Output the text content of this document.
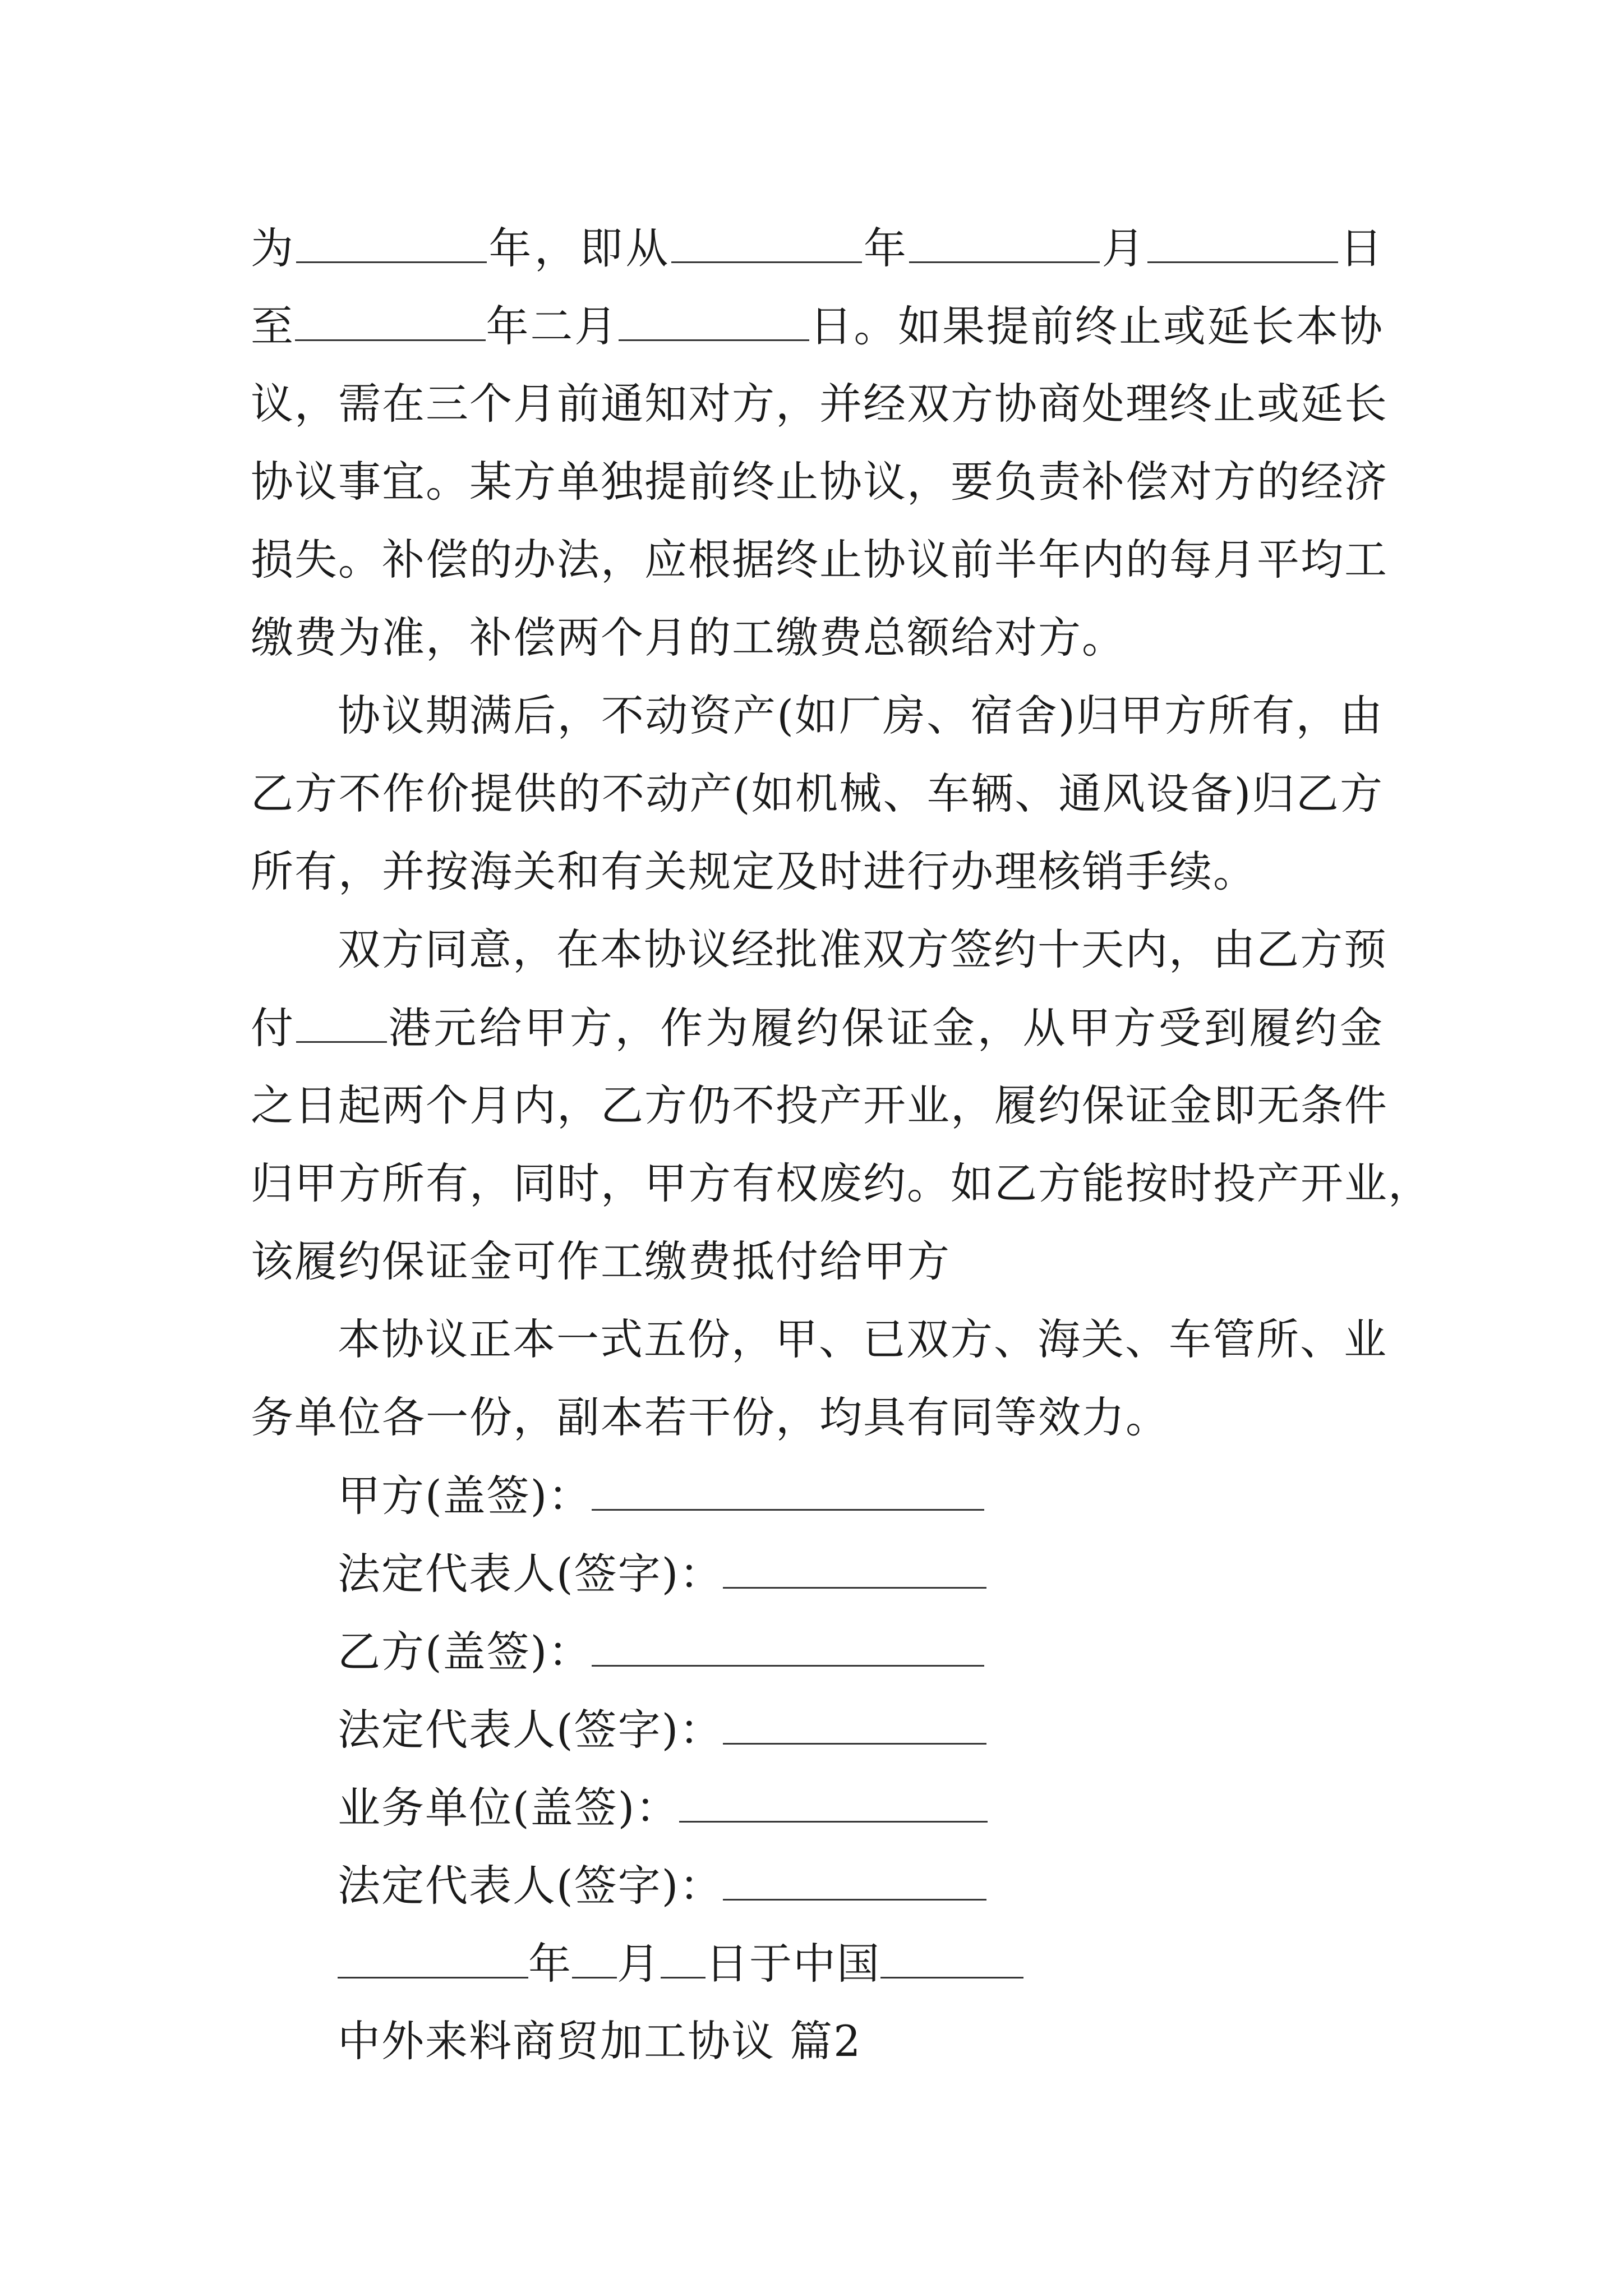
为	年，即从	年	月	日
至	年二月	日。如果提前终止或延长本协
议，需在三个月前通知对方，并经双方协商处理终止或延长
协议事宜。某方单独提前终止协议，要负责补偿对方的经济
损失。补偿的办法，应根据终止协议前半年内的每月平均工
缴费为准，补偿两个月的工缴费总额给对方。
协议期满后，不动资产(如厂房、宿舍)归甲方所有，由
乙方不作价提供的不动产(如机械、车辆、通风设备)归乙方
所有，并按海关和有关规定及时进行办理核销手续。
双方同意，在本协议经批准双方签约十天内，由乙方预
付 港元给甲方，作为履约保证金，从甲方受到履约金
之日起两个月内，乙方仍不投产开业，履约保证金即无条件
归甲方所有，同时，甲方有权废约。如乙方能按时投产开业，
该履约保证金可作工缴费抵付给甲方
本协议正本一式五份，甲、已双方、海关、车管所、业
务单位各一份，副本若干份，均具有同等效力。
甲方(盖签)：
法定代表人(签字)：
乙方(盖签)：
法定代表人(签字)：
业务单位(盖签)：
法定代表人(签字)：
年 月 日于中国
中外来料商贸加工协议 篇2
